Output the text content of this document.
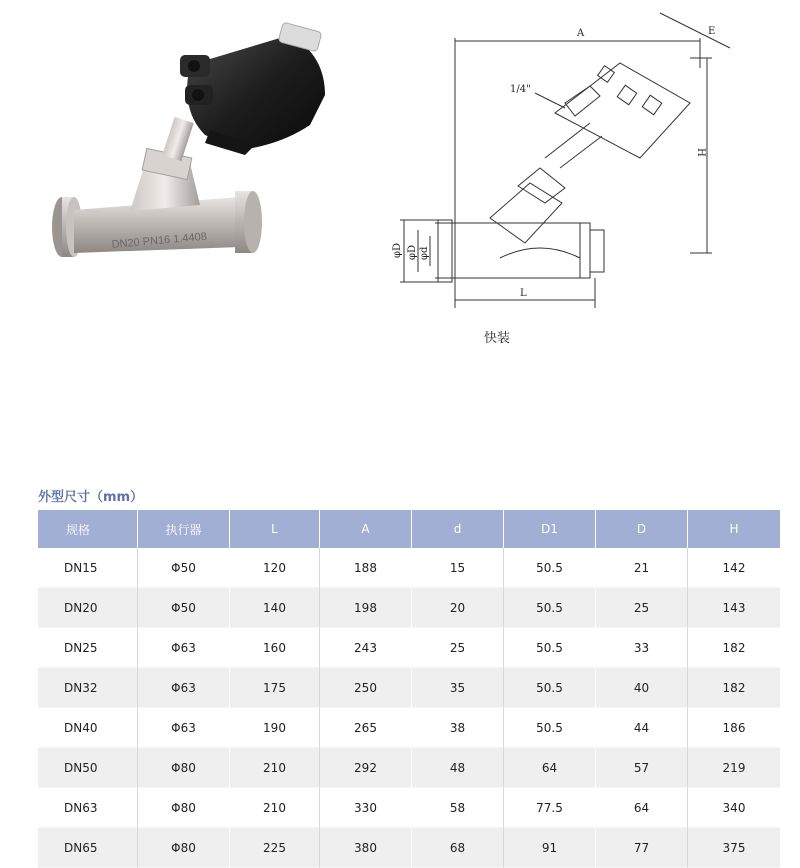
DN20 PN16 1.4408
A	E
H
L
1/4"
φD φD φd
快装
外型尺寸（mm）
规格	执行器	L	A	d	D1	D	H
DN15	Φ50	120	188	15	50.5	21	142
DN20	Φ50	140	198	20	50.5	25	143
DN25	Φ63	160	243	25	50.5	33	182
DN32	Φ63	175	250	35	50.5	40	182
DN40	Φ63	190	265	38	50.5	44	186
DN50	Φ80	210	292	48	64	57	219
DN63	Φ80	210	330	58	77.5	64	340
DN65	Φ80	225	380	68	91	77	375
